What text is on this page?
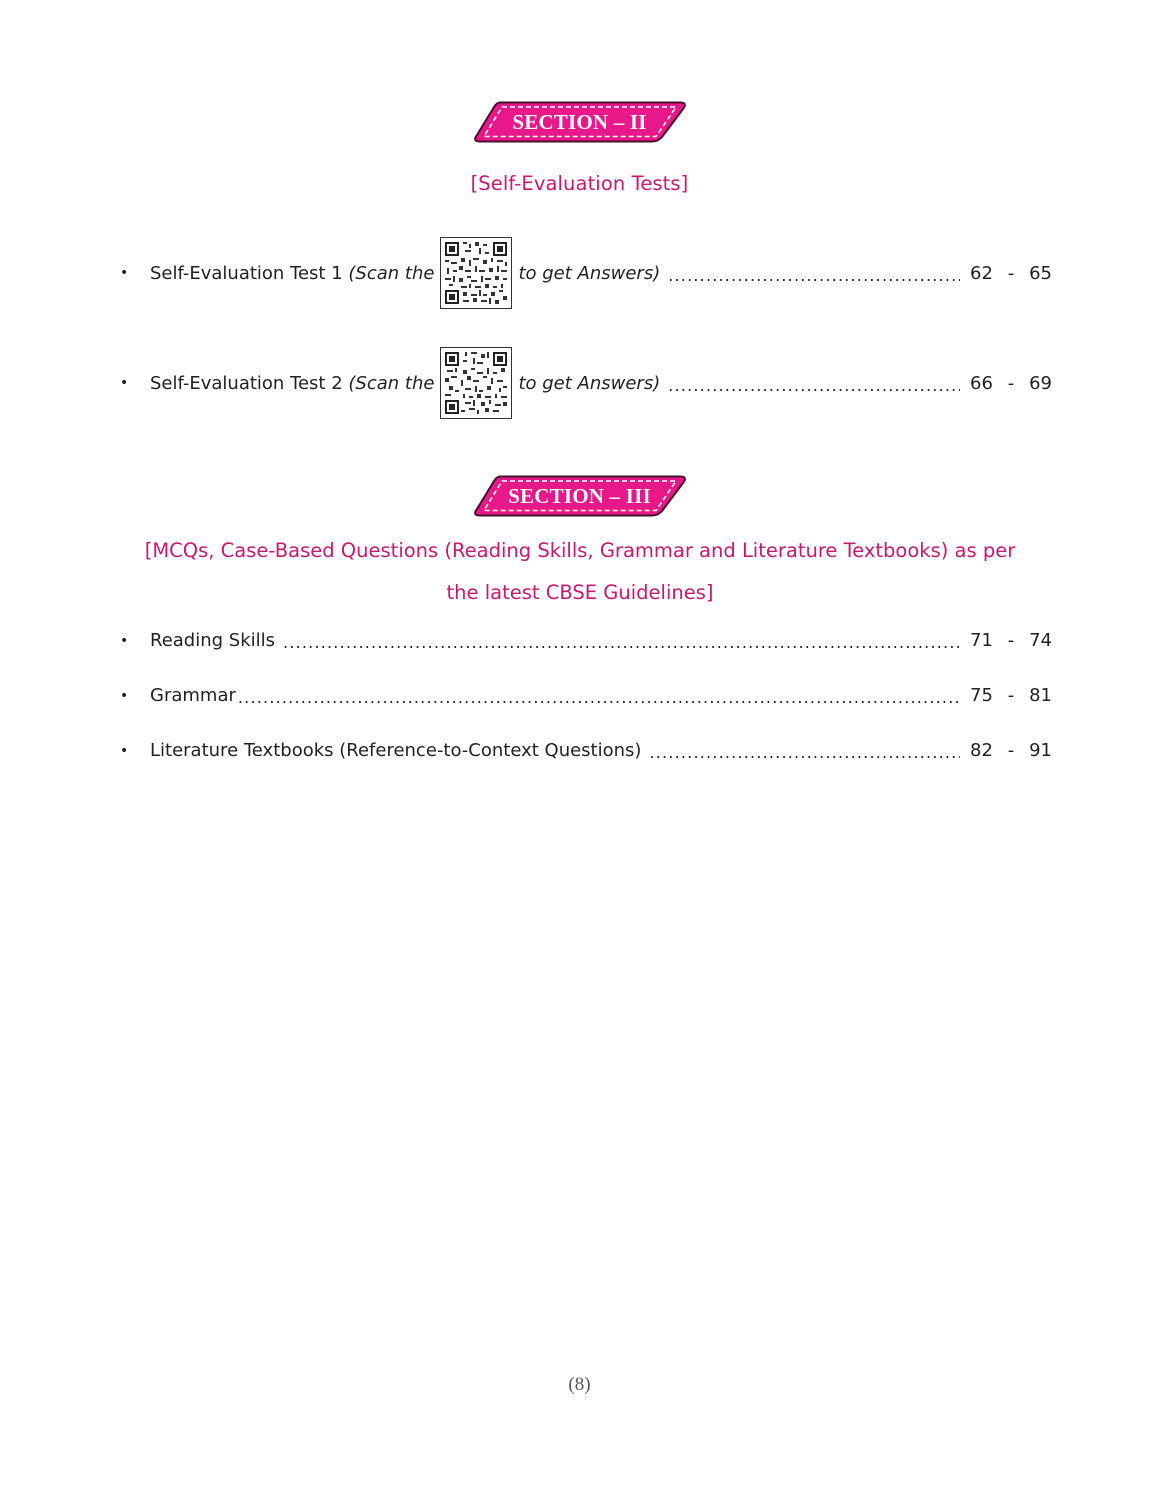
SECTION – II
[Self-Evaluation Tests]
•	Self-Evaluation Test 1 (Scan the	to get Answers) .....	62 - 65
•	Self-Evaluation Test 2 (Scan the	to get Answers) .....	66 - 69
SECTION – III
[MCQs, Case-Based Questions (Reading Skills, Grammar and Literature Textbooks) as per
the latest CBSE Guidelines]
•	Reading Skills .....	71 - 74
•	Grammar .....	75 - 81
•	Literature Textbooks (Reference-to-Context Questions) .....	82 - 91
(8)
